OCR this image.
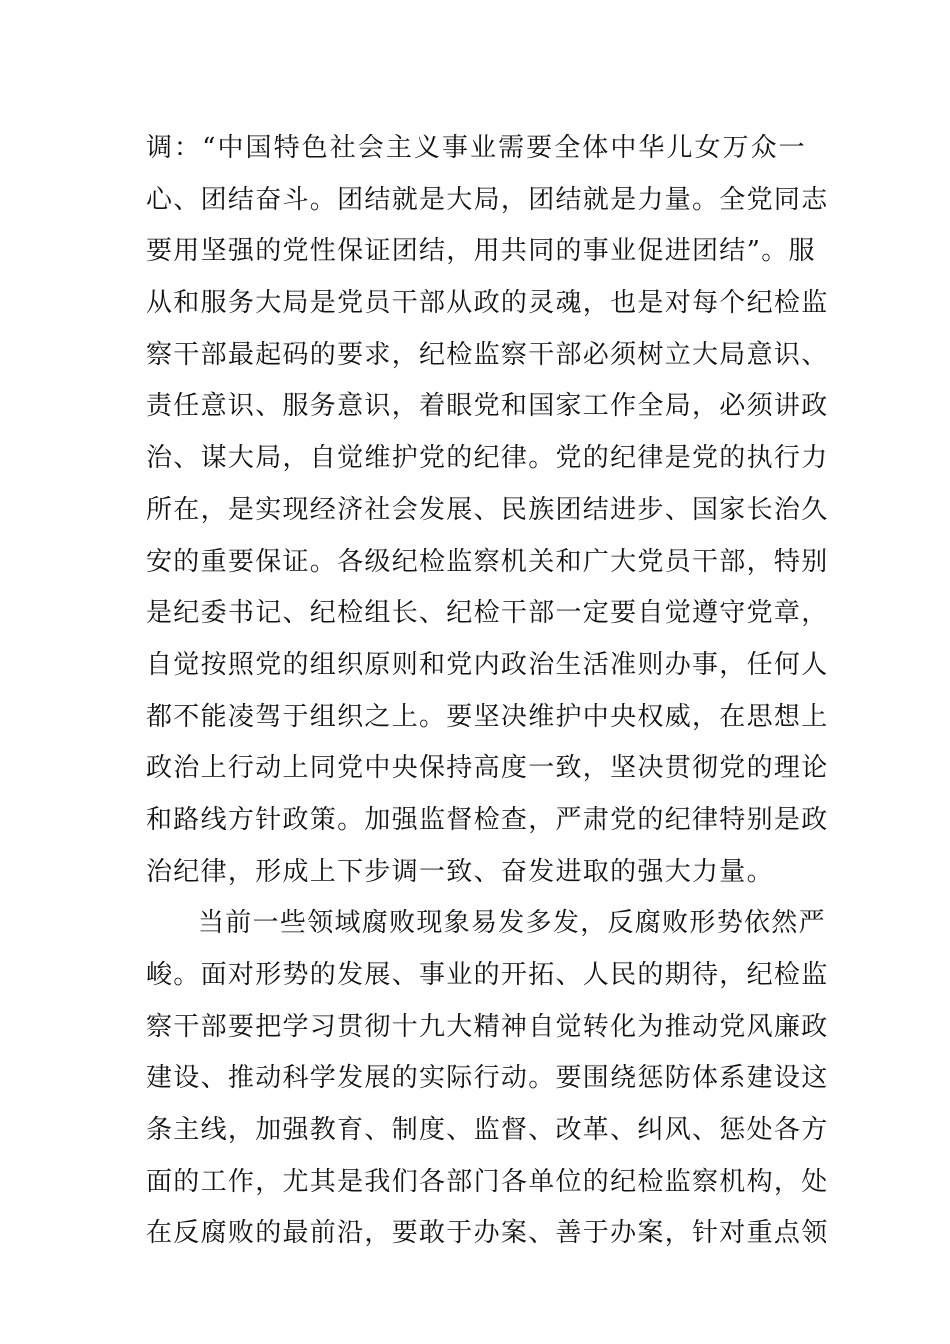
调：“中国特色社会主义事业需要全体中华儿女万众一
心、团结奋斗。团结就是大局，团结就是力量。全党同志
要用坚强的党性保证团结，用共同的事业促进团结”。服
从和服务大局是党员干部从政的灵魂，也是对每个纪检监
察干部最起码的要求，纪检监察干部必须树立大局意识、
责任意识、服务意识，着眼党和国家工作全局，必须讲政
治、谋大局，自觉维护党的纪律。党的纪律是党的执行力
所在，是实现经济社会发展、民族团结进步、国家长治久
安的重要保证。各级纪检监察机关和广大党员干部，特别
是纪委书记、纪检组长、纪检干部一定要自觉遵守党章，
自觉按照党的组织原则和党内政治生活准则办事，任何人
都不能凌驾于组织之上。要坚决维护中央权威，在思想上
政治上行动上同党中央保持高度一致，坚决贯彻党的理论
和路线方针政策。加强监督检查，严肃党的纪律特别是政
治纪律，形成上下步调一致、奋发进取的强大力量。
当前一些领域腐败现象易发多发，反腐败形势依然严
峻。面对形势的发展、事业的开拓、人民的期待，纪检监
察干部要把学习贯彻十九大精神自觉转化为推动党风廉政
建设、推动科学发展的实际行动。要围绕惩防体系建设这
条主线，加强教育、制度、监督、改革、纠风、惩处各方
面的工作，尤其是我们各部门各单位的纪检监察机构，处
在反腐败的最前沿，要敢于办案、善于办案，针对重点领
